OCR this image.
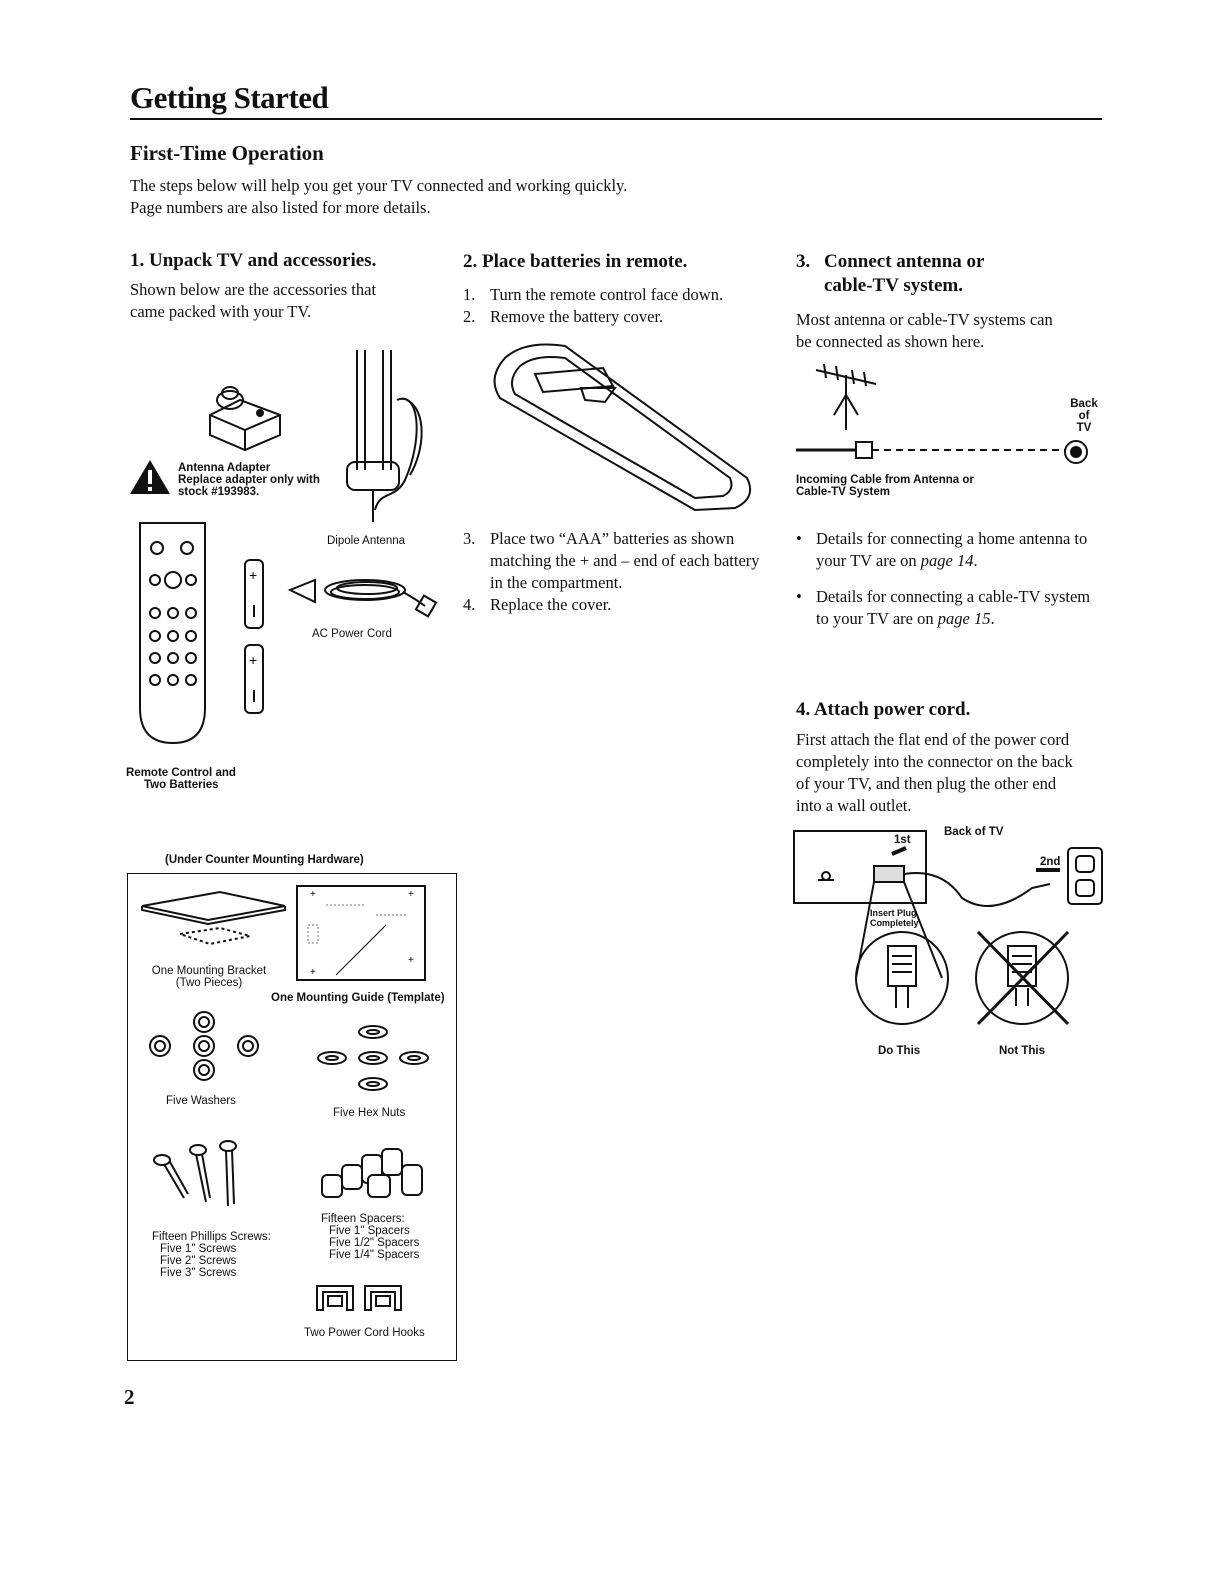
Getting Started
First-Time Operation
The steps below will help you get your TV connected and working quickly.
Page numbers are also listed for more details.
1. Unpack TV and accessories.
Shown below are the accessories that
came packed with your TV.
Antenna Adapter
Replace adapter only with
stock #193983.
Dipole Antenna
+
+
Remote Control and
Two Batteries
AC Power Cord
(Under Counter Mounting Hardware)
One Mounting Bracket
(Two Pieces)
+	+
+
+
One Mounting Guide (Template)
Five Washers
Five Hex Nuts
Fifteen Phillips Screws:
Five 1" Screws
Five 2" Screws
Five 3" Screws
Fifteen Spacers:
Five 1" Spacers
Five 1/2" Spacers
Five 1/4" Spacers
Two Power Cord Hooks
2
2. Place batteries in remote.
1. Turn the remote control face down.
2. Remove the battery cover.
3. Place two “AAA” batteries as shown matching the + and – end of each battery in the compartment.
4. Replace the cover.
3. Connect antenna or
cable-TV system.
Most antenna or cable-TV systems can
be connected as shown here.
Back of
TV
Incoming Cable from Antenna or
Cable-TV System
• Details for connecting a home antenna to your TV are on page 14.
• Details for connecting a cable-TV system to your TV are on page 15.
4. Attach power cord.
First attach the flat end of the power cord
completely into the connector on the back
of your TV, and then plug the other end
into a wall outlet.
Back of TV
1st
2nd
Insert Plug
Completely
Do This	Not This
